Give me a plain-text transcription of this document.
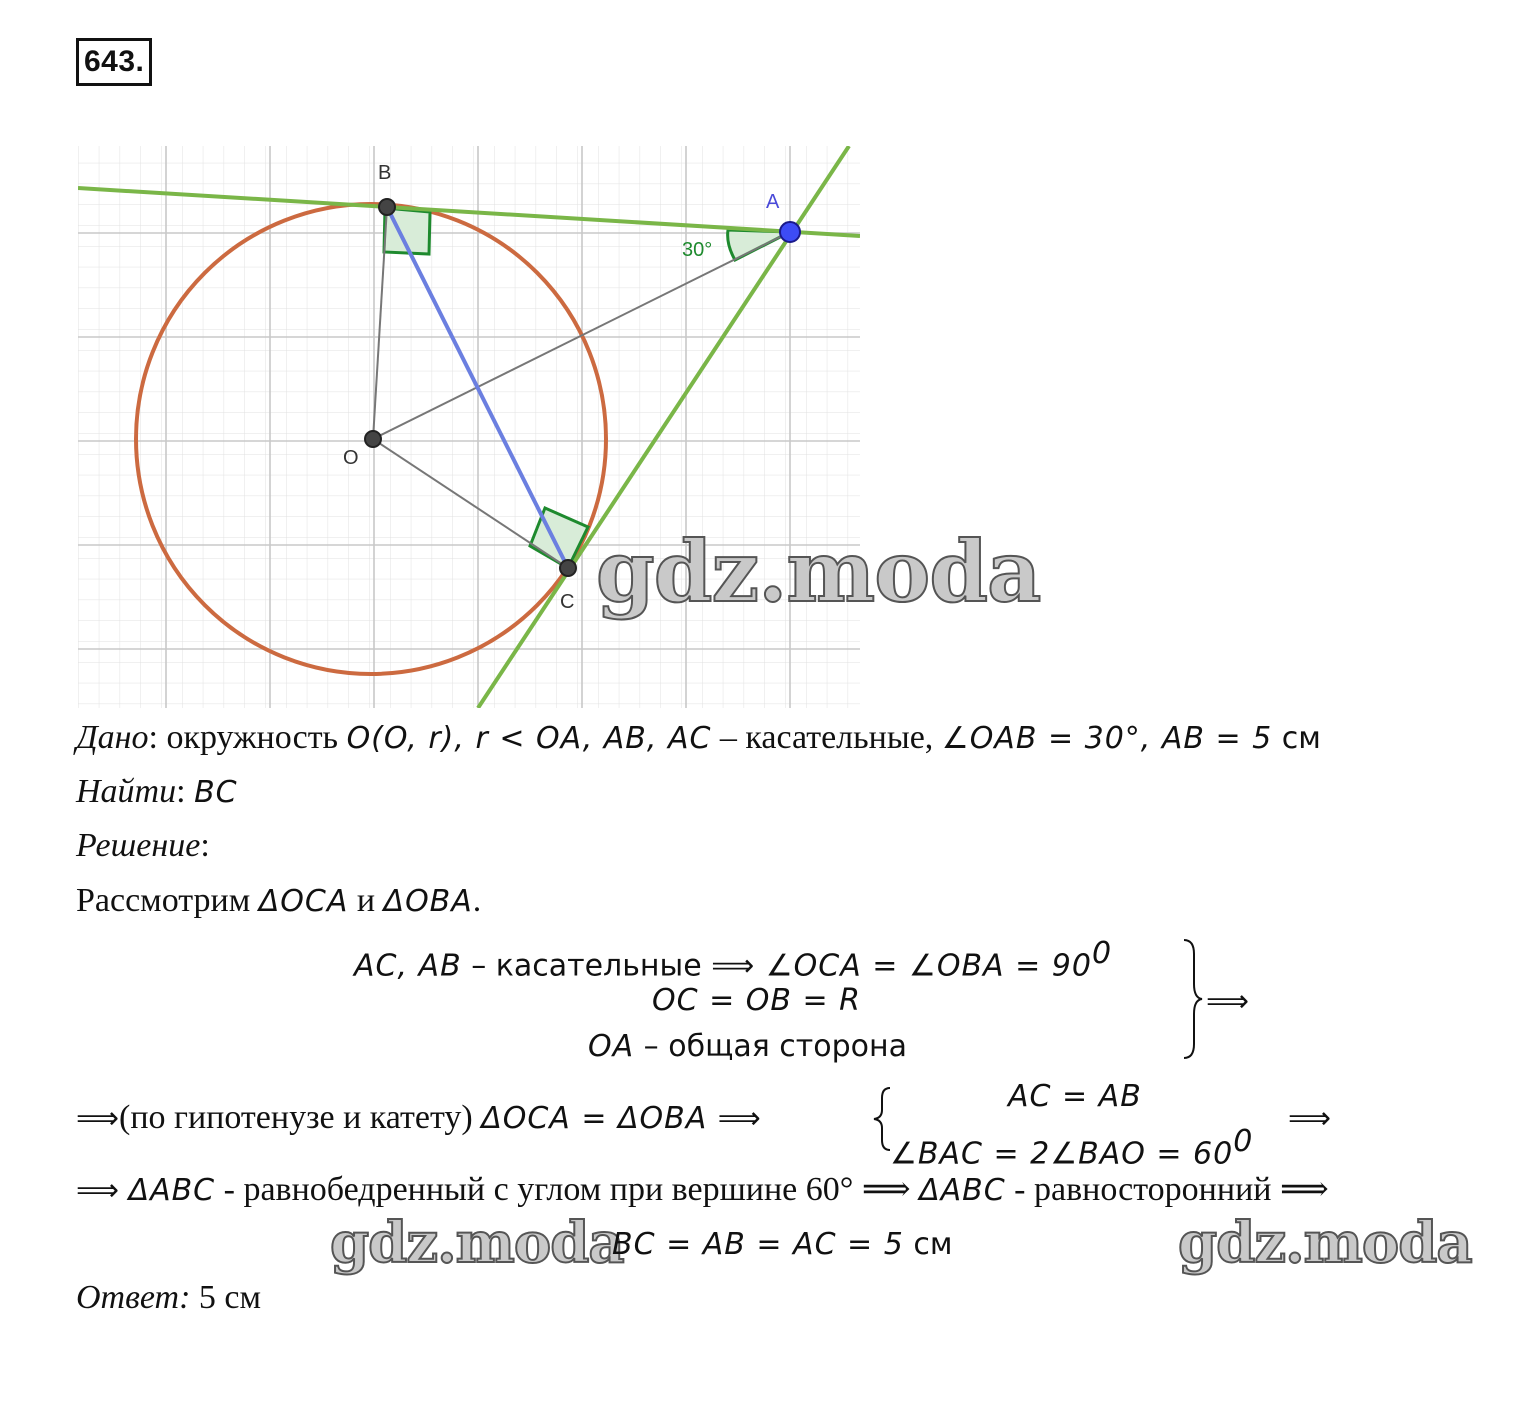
643.
B
A
O
C
30°
gdz.moda
gdz.moda	gdz.moda
Дано: окружность O(O, r), r < OA, AB, AC – касательные, ∠OAB = 30°, AB = 5 см
Найти: BC
Решение:
Рассмотрим ΔOCA и ΔOBA.
AC, AB – касательные ⟹ ∠OCA = ∠OBA = $90^0$
OC = OB = R
OA – общая сторона
⟹
⟹(по гипотенузе и катету) ΔOCA = ΔOBA ⟹
AC = AB
∠BAC = 2∠BAO = $60^0$
⟹
⟹ ΔABC - равнобедренный с углом при вершине 60° ⟹ ΔABC - равносторонний ⟹
BC = AB = AC = 5 см
Ответ: 5 см
